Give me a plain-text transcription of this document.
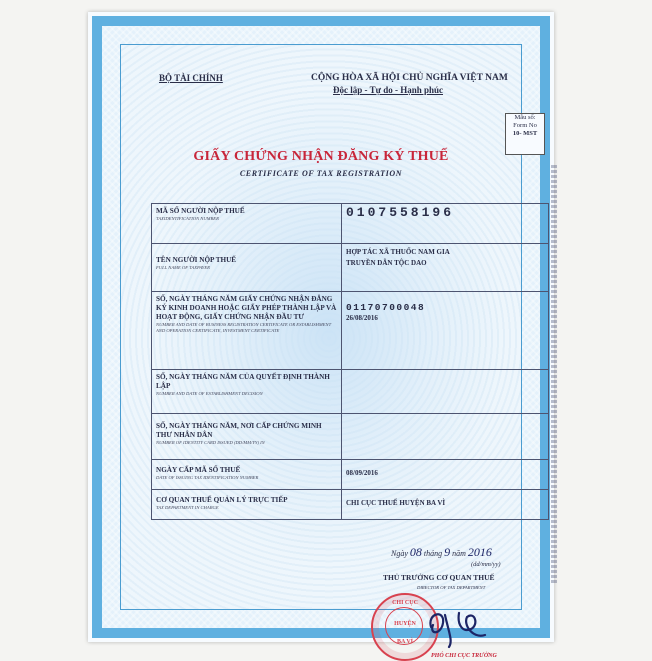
BỘ TÀI CHÍNH	CỘNG HÒA XÃ HỘI CHỦ NGHĨA VIỆT NAM
Độc lập - Tự do - Hạnh phúc
Mẫu số:
Form No
10- MST
GIẤY CHỨNG NHẬN ĐĂNG KÝ THUẾ
CERTIFICATE OF TAX REGISTRATION
MÃ SỐ NGƯỜI NỘP THUẾ
TAXIDENTIFICATION NUMBER	0107558196

TÊN NGƯỜI NỘP THUẾ
FULL NAME OF TAXPAYER	HỢP TÁC XÃ THUỐC NAM GIA
TRUYỀN DÂN TỘC DAO

SỐ, NGÀY THÁNG NĂM GIẤY CHỨNG NHẬN ĐĂNG KÝ KINH DOANH HOẶC GIẤY PHÉP THÀNH LẬP VÀ HOẠT ĐỘNG, GIẤY CHỨNG NHẬN ĐẦU TƯ
NUMBER AND DATE OF BUSINESS REGISTRATION CERTIFICATE OR ESTABLISHMENT AND OPERATION CERTIFICATE, INVESTMENT CERTIFICATE	01170700048
26/08/2016

SỐ, NGÀY THÁNG NĂM CỦA QUYẾT ĐỊNH THÀNH LẬP
NUMBER AND DATE OF ESTABLISHMENT DECISION	

SỐ, NGÀY THÁNG NĂM, NƠI CẤP CHỨNG MINH THƯ NHÂN DÂN
NUMBER OF IDENTITY CARD ISSUED (DD/MM/YY) IN	

NGÀY CẤP MÃ SỐ THUẾ
DATE OF ISSUING TAX IDENTIFICATION NUMBER	08/09/2016

CƠ QUAN THUẾ QUẢN LÝ TRỰC TIẾP
TAX DEPARTMENT IN CHARGE	CHI CỤC THUẾ HUYỆN BA VÌ
Ngày 08 tháng 9 năm 2016
(dd/mm/yy)
THỦ TRƯỞNG CƠ QUAN THUẾ
DIRECTOR OF TAX DEPARTMENT
CHI CỤC
HUYỆN
BA VÌ
PHÓ CHI CỤC TRƯỞNG
